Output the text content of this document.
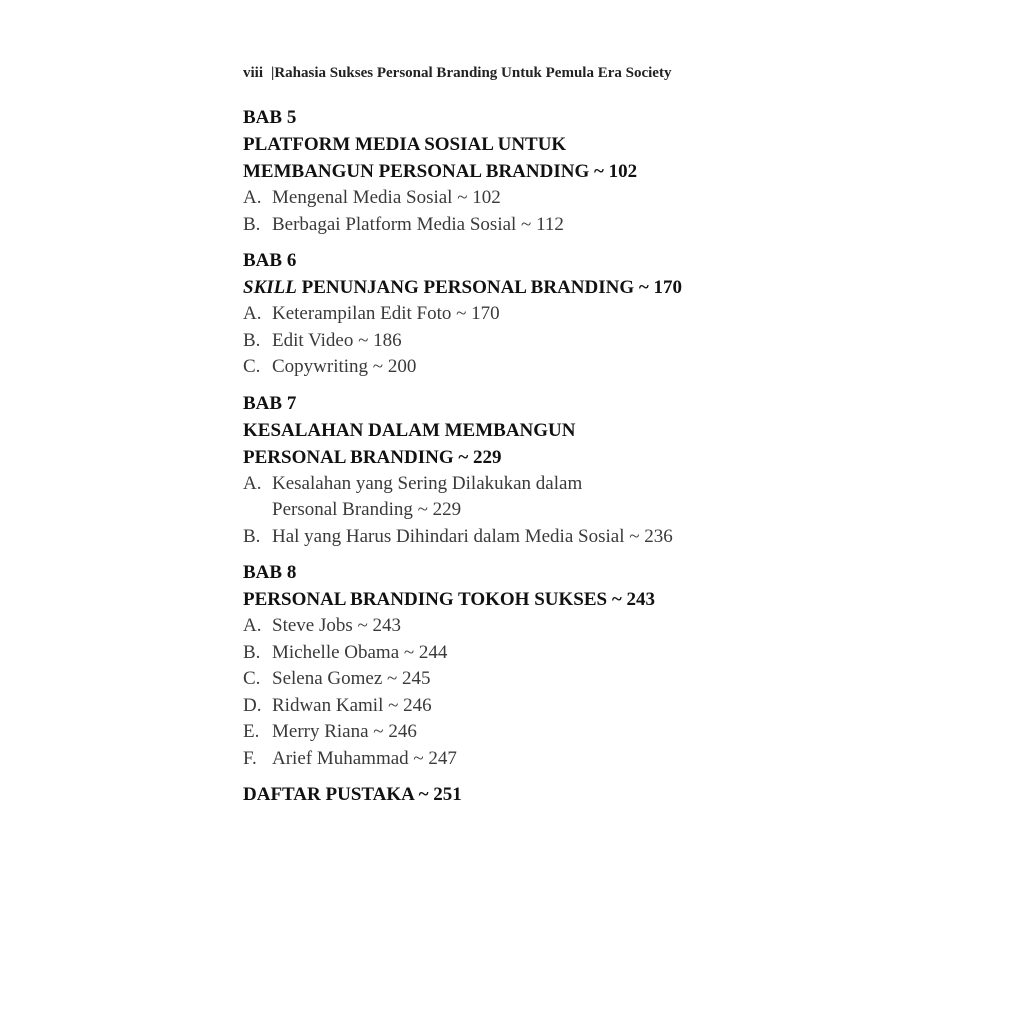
viii |Rahasia Sukses Personal Branding Untuk Pemula Era Society
BAB 5
PLATFORM MEDIA SOSIAL UNTUK
MEMBANGUN PERSONAL BRANDING ~ 102
A. Mengenal Media Sosial ~ 102
B. Berbagai Platform Media Sosial ~ 112
BAB 6
SKILL PENUNJANG PERSONAL BRANDING ~ 170
A. Keterampilan Edit Foto ~ 170
B. Edit Video ~ 186
C. Copywriting ~ 200
BAB 7
KESALAHAN DALAM MEMBANGUN
PERSONAL BRANDING ~ 229
A. Kesalahan yang Sering Dilakukan dalam
Personal Branding ~ 229
B. Hal yang Harus Dihindari dalam Media Sosial ~ 236
BAB 8
PERSONAL BRANDING TOKOH SUKSES ~ 243
A. Steve Jobs ~ 243
B. Michelle Obama ~ 244
C. Selena Gomez ~ 245
D. Ridwan Kamil ~ 246
E. Merry Riana ~ 246
F. Arief Muhammad ~ 247
DAFTAR PUSTAKA ~ 251
